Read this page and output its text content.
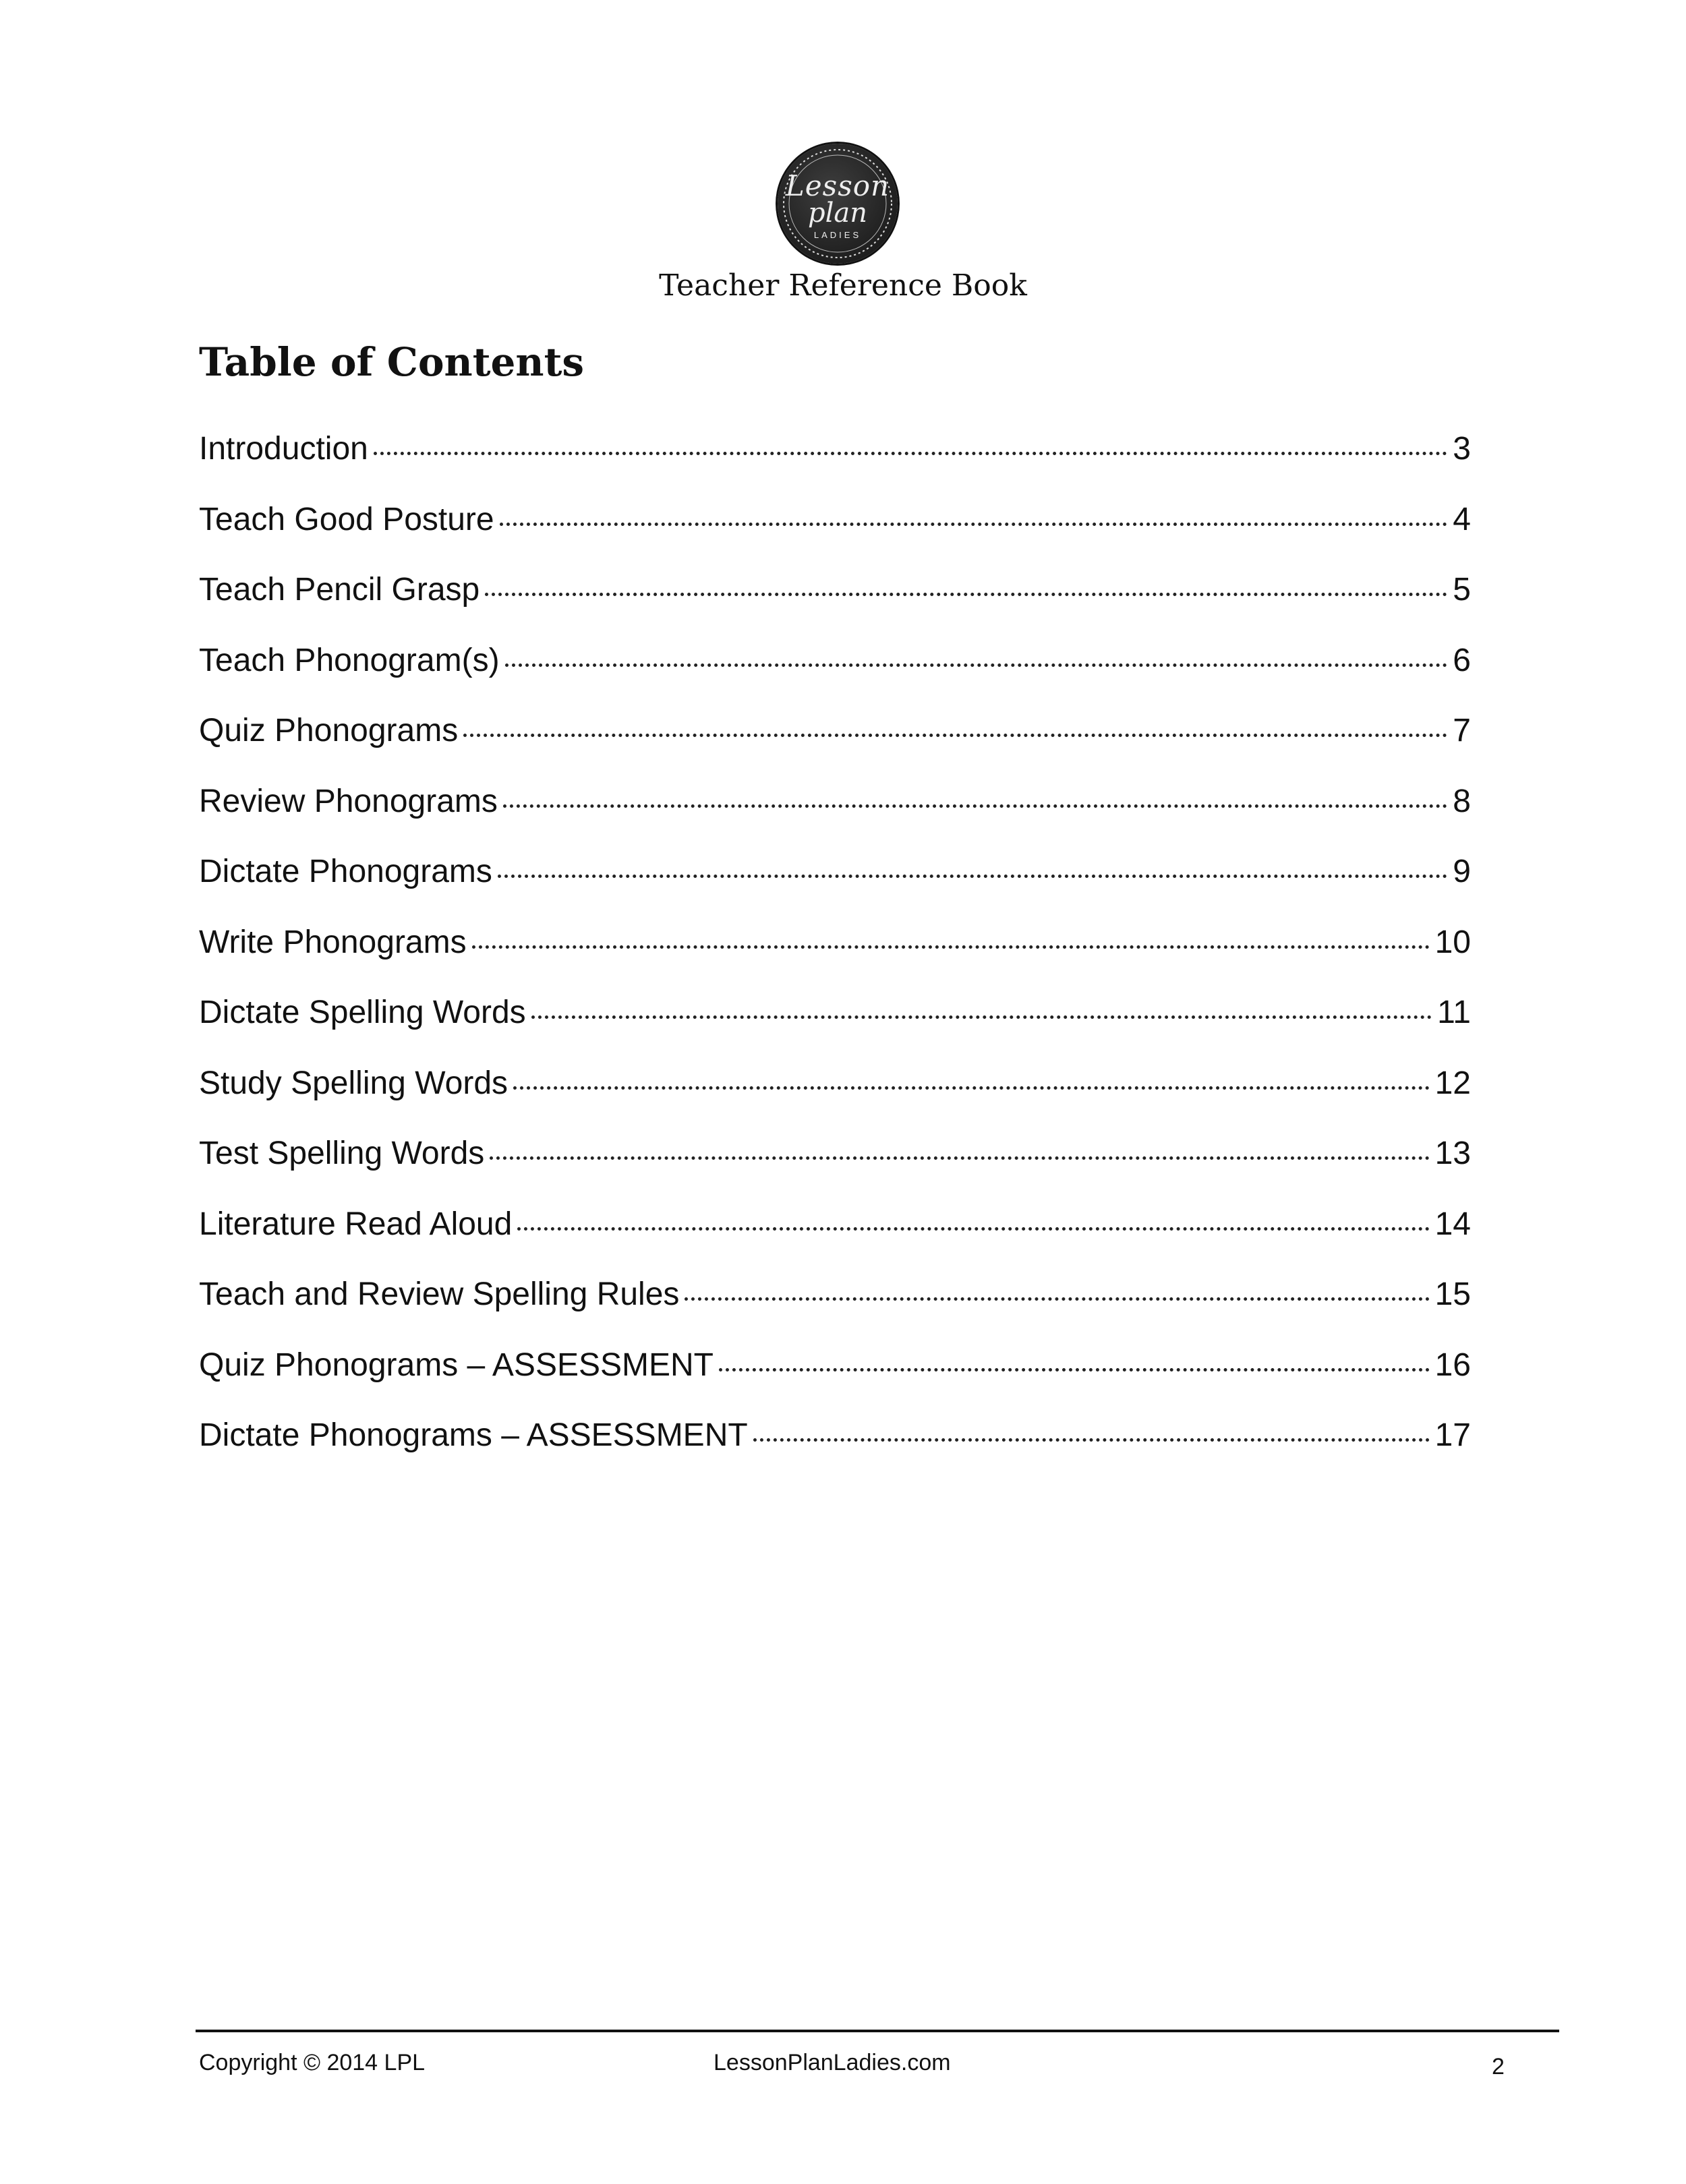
Lesson
plan
LADIES
Teacher Reference Book
Table of Contents
Introduction	3
Teach Good Posture	4
Teach Pencil Grasp	5
Teach Phonogram(s)	6
Quiz Phonograms	7
Review Phonograms	8
Dictate Phonograms	9
Write Phonograms	10
Dictate Spelling Words	11
Study Spelling Words	12
Test Spelling Words	13
Literature Read Aloud	14
Teach and Review Spelling Rules	15
Quiz Phonograms – ASSESSMENT	16
Dictate Phonograms – ASSESSMENT	17
Copyright © 2014 LPL	LessonPlanLadies.com	2
